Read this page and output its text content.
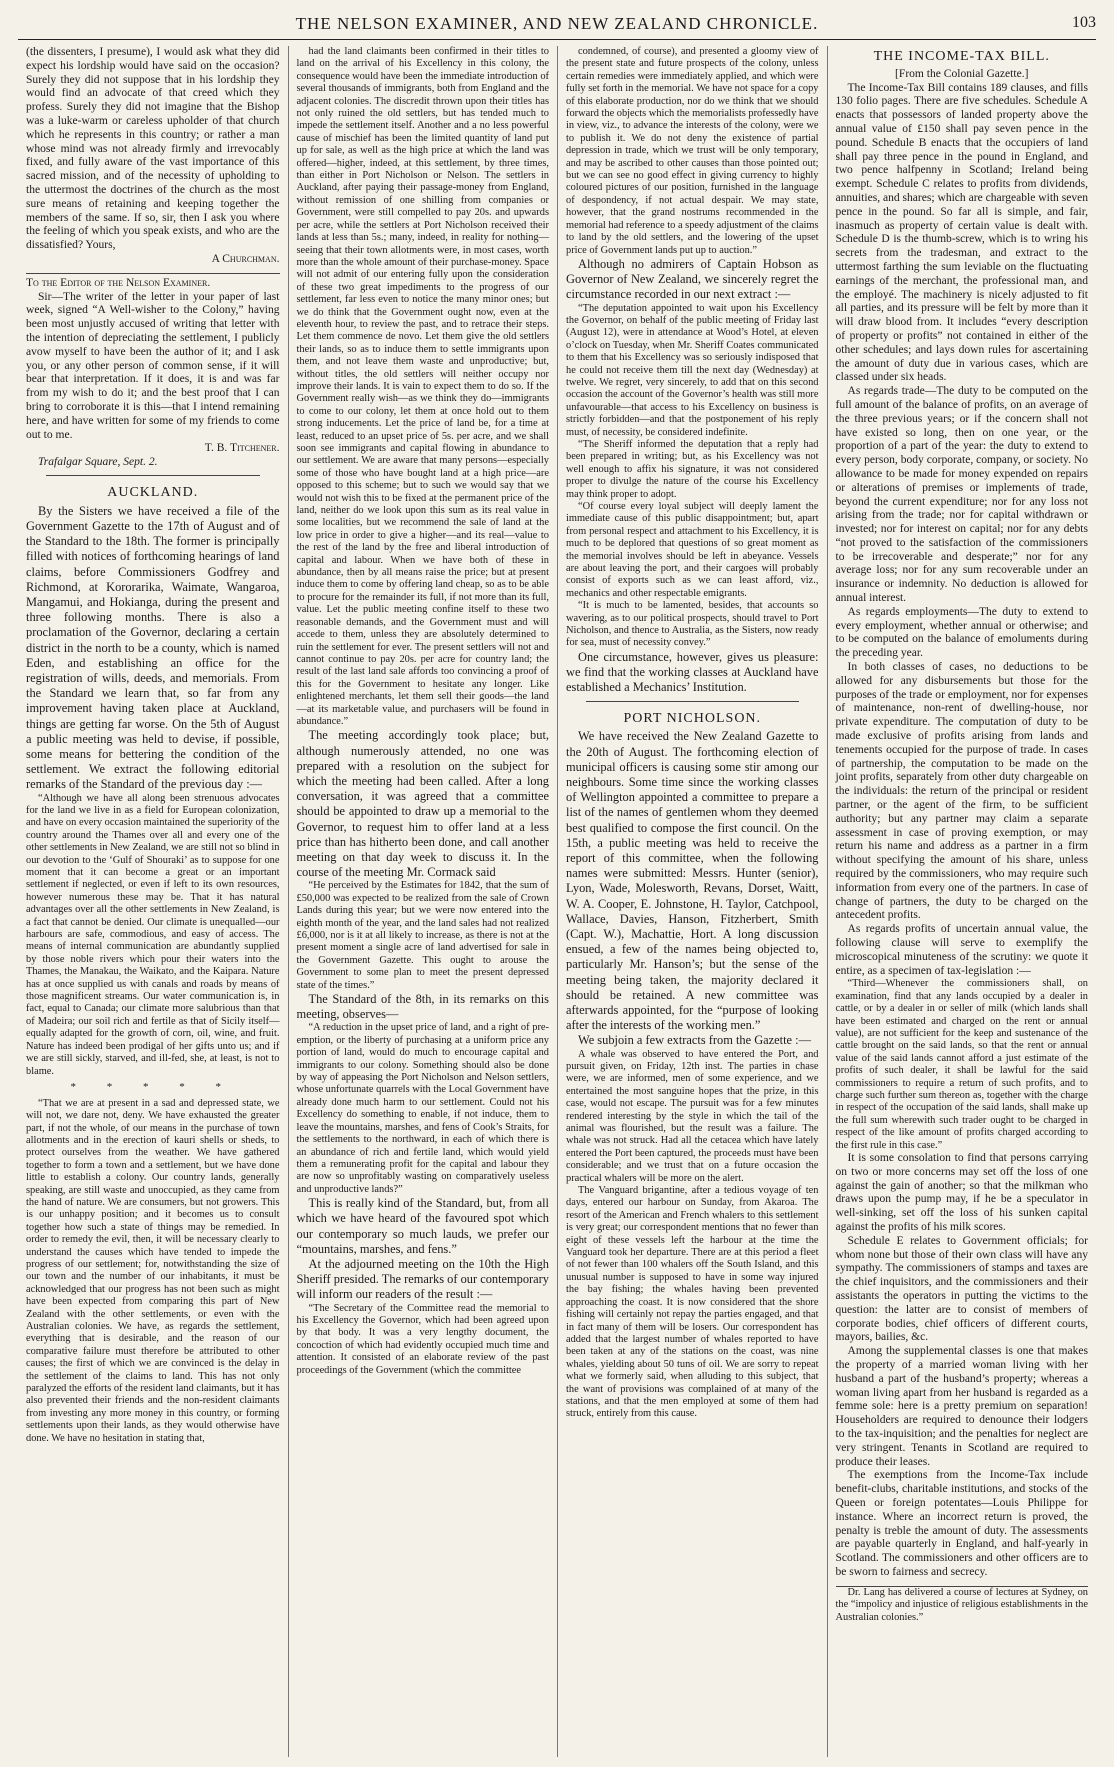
THE NELSON EXAMINER, AND NEW ZEALAND CHRONICLE.	103

(the dissenters, I presume), I would ask what they did expect his lordship would have said on the occasion? Surely they did not suppose that in his lordship they would find an advocate of that creed which they profess. Surely they did not imagine that the Bishop was a luke-warm or careless upholder of that church which he represents in this country; or rather a man whose mind was not already firmly and irrevocably fixed, and fully aware of the vast importance of this sacred mission, and of the necessity of upholding to the uttermost the doctrines of the church as the most sure means of retaining and keeping together the members of the same. If so, sir, then I ask you where the feeling of which you speak exists, and who are the dissatisfied? Yours,

A Churchman.

To the Editor of the Nelson Examiner.

Sir—The writer of the letter in your paper of last week, signed “A Well-wisher to the Colony,” having been most unjustly accused of writing that letter with the intention of depreciating the settlement, I publicly avow myself to have been the author of it; and I ask you, or any other person of common sense, if it will bear that interpretation. If it does, it is and was far from my wish to do it; and the best proof that I can bring to corroborate it is this—that I intend remaining here, and have written for some of my friends to come out to me.

T. B. Titchener.

Trafalgar Square, Sept. 2.

AUCKLAND.

By the Sisters we have received a file of the Government Gazette to the 17th of August and of the Standard to the 18th. The former is principally filled with notices of forthcoming hearings of land claims, before Commissioners Godfrey and Richmond, at Kororarika, Waimate, Wangaroa, Mangamui, and Hokianga, during the present and three following months. There is also a proclamation of the Governor, declaring a certain district in the north to be a county, which is named Eden, and establishing an office for the registration of wills, deeds, and memorials. From the Standard we learn that, so far from any improvement having taken place at Auckland, things are getting far worse. On the 5th of August a public meeting was held to devise, if possible, some means for bettering the condition of the settlement. We extract the following editorial remarks of the Standard of the previous day :—

“Although we have all along been strenuous advocates for the land we live in as a field for European colonization, and have on every occasion maintained the superiority of the country around the Thames over all and every one of the other settlements in New Zealand, we are still not so blind in our devotion to the ‘Gulf of Shouraki’ as to suppose for one moment that it can become a great or an important settlement if neglected, or even if left to its own resources, however numerous these may be. That it has natural advantages over all the other settlements in New Zealand, is a fact that cannot be denied. Our climate is unequalled—our harbours are safe, commodious, and easy of access. The means of internal communication are abundantly supplied by those noble rivers which pour their waters into the Thames, the Manakau, the Waikato, and the Kaipara. Nature has at once supplied us with canals and roads by means of those magnificent streams. Our water communication is, in fact, equal to Canada; our climate more salubrious than that of Madeira; our soil rich and fertile as that of Sicily itself—equally adapted for the growth of corn, oil, wine, and fruit. Nature has indeed been prodigal of her gifts unto us; and if we are still sickly, starved, and ill-fed, she, at least, is not to blame.

* * * * *

“That we are at present in a sad and depressed state, we will not, we dare not, deny. We have exhausted the greater part, if not the whole, of our means in the purchase of town allotments and in the erection of kauri shells or sheds, to protect ourselves from the weather. We have gathered together to form a town and a settlement, but we have done little to establish a colony. Our country lands, generally speaking, are still waste and unoccupied, as they came from the hand of nature. We are consumers, but not growers. This is our unhappy position; and it becomes us to consult together how such a state of things may be remedied. In order to remedy the evil, then, it will be necessary clearly to understand the causes which have tended to impede the progress of our settlement; for, notwithstanding the size of our town and the number of our inhabitants, it must be acknowledged that our progress has not been such as might have been expected from comparing this part of New Zealand with the other settlements, or even with the Australian colonies. We have, as regards the settlement, everything that is desirable, and the reason of our comparative failure must therefore be attributed to other causes; the first of which we are convinced is the delay in the settlement of the claims to land. This has not only paralyzed the efforts of the resident land claimants, but it has also prevented their friends and the non-resident claimants from investing any more money in this country, or forming settlements upon their lands, as they would otherwise have done. We have no hesitation in stating that,

had the land claimants been confirmed in their titles to land on the arrival of his Excellency in this colony, the consequence would have been the immediate introduction of several thousands of immigrants, both from England and the adjacent colonies. The discredit thrown upon their titles has not only ruined the old settlers, but has tended much to impede the settlement itself. Another and a no less powerful cause of mischief has been the limited quantity of land put up for sale, as well as the high price at which the land was offered—higher, indeed, at this settlement, by three times, than either in Port Nicholson or Nelson. The settlers in Auckland, after paying their passage-money from England, without remission of one shilling from companies or Government, were still compelled to pay 20s. and upwards per acre, while the settlers at Port Nicholson received their lands at less than 5s.; many, indeed, in reality for nothing—seeing that their town allotments were, in most cases, worth more than the whole amount of their purchase-money. Space will not admit of our entering fully upon the consideration of these two great impediments to the progress of our settlement, far less even to notice the many minor ones; but we do think that the Government ought now, even at the eleventh hour, to review the past, and to retrace their steps. Let them commence de novo. Let them give the old settlers their lands, so as to induce them to settle immigrants upon them, and not leave them waste and unproductive; but, without titles, the old settlers will neither occupy nor improve their lands. It is vain to expect them to do so. If the Government really wish—as we think they do—immigrants to come to our colony, let them at once hold out to them strong inducements. Let the price of land be, for a time at least, reduced to an upset price of 5s. per acre, and we shall soon see immigrants and capital flowing in abundance to our settlement. We are aware that many persons—especially some of those who have bought land at a high price—are opposed to this scheme; but to such we would say that we would not wish this to be fixed at the permanent price of the land, neither do we look upon this sum as its real value in some localities, but we recommend the sale of land at the low price in order to give a higher—and its real—value to the rest of the land by the free and liberal introduction of capital and labour. When we have both of these in abundance, then by all means raise the price; but at present induce them to come by offering land cheap, so as to be able to procure for the remainder its full, if not more than its full, value. Let the public meeting confine itself to these two reasonable demands, and the Government must and will accede to them, unless they are absolutely determined to ruin the settlement for ever. The present settlers will not and cannot continue to pay 20s. per acre for country land; the result of the last land sale affords too convincing a proof of this for the Government to hesitate any longer. Like enlightened merchants, let them sell their goods—the land—at its marketable value, and purchasers will be found in abundance.”

The meeting accordingly took place; but, although numerously attended, no one was prepared with a resolution on the subject for which the meeting had been called. After a long conversation, it was agreed that a committee should be appointed to draw up a memorial to the Governor, to request him to offer land at a less price than has hitherto been done, and call another meeting on that day week to discuss it. In the course of the meeting Mr. Cormack said

“He perceived by the Estimates for 1842, that the sum of £50,000 was expected to be realized from the sale of Crown Lands during this year; but we were now entered into the eighth month of the year, and the land sales had not realized £6,000, nor is it at all likely to increase, as there is not at the present moment a single acre of land advertised for sale in the Government Gazette. This ought to arouse the Government to some plan to meet the present depressed state of the times.”

The Standard of the 8th, in its remarks on this meeting, observes—

“A reduction in the upset price of land, and a right of pre-emption, or the liberty of purchasing at a uniform price any portion of land, would do much to encourage capital and immigrants to our colony. Something should also be done by way of appeasing the Port Nicholson and Nelson settlers, whose unfortunate quarrels with the Local Government have already done much harm to our settlement. Could not his Excellency do something to enable, if not induce, them to leave the mountains, marshes, and fens of Cook’s Straits, for the settlements to the northward, in each of which there is an abundance of rich and fertile land, which would yield them a remunerating profit for the capital and labour they are now so unprofitably wasting on comparatively useless and unproductive lands?”

This is really kind of the Standard, but, from all which we have heard of the favoured spot which our contemporary so much lauds, we prefer our “mountains, marshes, and fens.”

At the adjourned meeting on the 10th the High Sheriff presided. The remarks of our contemporary will inform our readers of the result :—

“The Secretary of the Committee read the memorial to his Excellency the Governor, which had been agreed upon by that body. It was a very lengthy document, the concoction of which had evidently occupied much time and attention. It consisted of an elaborate review of the past proceedings of the Government (which the committee

condemned, of course), and presented a gloomy view of the present state and future prospects of the colony, unless certain remedies were immediately applied, and which were fully set forth in the memorial. We have not space for a copy of this elaborate production, nor do we think that we should forward the objects which the memorialists professedly have in view, viz., to advance the interests of the colony, were we to publish it. We do not deny the existence of partial depression in trade, which we trust will be only temporary, and may be ascribed to other causes than those pointed out; but we can see no good effect in giving currency to highly coloured pictures of our position, furnished in the language of despondency, if not actual despair. We may state, however, that the grand nostrums recommended in the memorial had reference to a speedy adjustment of the claims to land by the old settlers, and the lowering of the upset price of Government lands put up to auction.”

Although no admirers of Captain Hobson as Governor of New Zealand, we sincerely regret the circumstance recorded in our next extract :—

“The deputation appointed to wait upon his Excellency the Governor, on behalf of the public meeting of Friday last (August 12), were in attendance at Wood’s Hotel, at eleven o’clock on Tuesday, when Mr. Sheriff Coates communicated to them that his Excellency was so seriously indisposed that he could not receive them till the next day (Wednesday) at twelve. We regret, very sincerely, to add that on this second occasion the account of the Governor’s health was still more unfavourable—that access to his Excellency on business is strictly forbidden—and that the postponement of his reply must, of necessity, be considered indefinite.

“The Sheriff informed the deputation that a reply had been prepared in writing; but, as his Excellency was not well enough to affix his signature, it was not considered proper to divulge the nature of the course his Excellency may think proper to adopt.

“Of course every loyal subject will deeply lament the immediate cause of this public disappointment; but, apart from personal respect and attachment to his Excellency, it is much to be deplored that questions of so great moment as the memorial involves should be left in abeyance. Vessels are about leaving the port, and their cargoes will probably consist of exports such as we can least afford, viz., mechanics and other respectable emigrants.

“It is much to be lamented, besides, that accounts so wavering, as to our political prospects, should travel to Port Nicholson, and thence to Australia, as the Sisters, now ready for sea, must of necessity convey.”

One circumstance, however, gives us pleasure: we find that the working classes at Auckland have established a Mechanics’ Institution.

PORT NICHOLSON.

We have received the New Zealand Gazette to the 20th of August. The forthcoming election of municipal officers is causing some stir among our neighbours. Some time since the working classes of Wellington appointed a committee to prepare a list of the names of gentlemen whom they deemed best qualified to compose the first council. On the 15th, a public meeting was held to receive the report of this committee, when the following names were submitted: Messrs. Hunter (senior), Lyon, Wade, Molesworth, Revans, Dorset, Waitt, W. A. Cooper, E. Johnstone, H. Taylor, Catchpool, Wallace, Davies, Hanson, Fitzherbert, Smith (Capt. W.), Machattie, Hort. A long discussion ensued, a few of the names being objected to, particularly Mr. Hanson’s; but the sense of the meeting being taken, the majority declared it should be retained. A new committee was afterwards appointed, for the “purpose of looking after the interests of the working men.”

We subjoin a few extracts from the Gazette :—

A whale was observed to have entered the Port, and pursuit given, on Friday, 12th inst. The parties in chase were, we are informed, men of some experience, and we entertained the most sanguine hopes that the prize, in this case, would not escape. The pursuit was for a few minutes rendered interesting by the style in which the tail of the animal was flourished, but the result was a failure. The whale was not struck. Had all the cetacea which have lately entered the Port been captured, the proceeds must have been considerable; and we trust that on a future occasion the practical whalers will be more on the alert.

The Vanguard brigantine, after a tedious voyage of ten days, entered our harbour on Sunday, from Akaroa. The resort of the American and French whalers to this settlement is very great; our correspondent mentions that no fewer than eight of these vessels left the harbour at the time the Vanguard took her departure. There are at this period a fleet of not fewer than 100 whalers off the South Island, and this unusual number is supposed to have in some way injured the bay fishing; the whales having been prevented approaching the coast. It is now considered that the shore fishing will certainly not repay the parties engaged, and that in fact many of them will be losers. Our correspondent has added that the largest number of whales reported to have been taken at any of the stations on the coast, was nine whales, yielding about 50 tuns of oil. We are sorry to repeat what we formerly said, when alluding to this subject, that the want of provisions was complained of at many of the stations, and that the men employed at some of them had struck, entirely from this cause.

THE INCOME-TAX BILL.

[From the Colonial Gazette.]

The Income-Tax Bill contains 189 clauses, and fills 130 folio pages. There are five schedules. Schedule A enacts that possessors of landed property above the annual value of £150 shall pay seven pence in the pound. Schedule B enacts that the occupiers of land shall pay three pence in the pound in England, and two pence halfpenny in Scotland; Ireland being exempt. Schedule C relates to profits from dividends, annuities, and shares; which are chargeable with seven pence in the pound. So far all is simple, and fair, inasmuch as property of certain value is dealt with. Schedule D is the thumb-screw, which is to wring his secrets from the tradesman, and extract to the uttermost farthing the sum leviable on the fluctuating earnings of the merchant, the professional man, and the employé. The machinery is nicely adjusted to fit all parties, and its pressure will be felt by more than it will draw blood from. It includes “every description of property or profits” not contained in either of the other schedules; and lays down rules for ascertaining the amount of duty due in various cases, which are classed under six heads.

As regards trade—The duty to be computed on the full amount of the balance of profits, on an average of the three previous years; or if the concern shall not have existed so long, then on one year, or the proportion of a part of the year: the duty to extend to every person, body corporate, company, or society. No allowance to be made for money expended on repairs or alterations of premises or implements of trade, beyond the current expenditure; nor for any loss not arising from the trade; nor for capital withdrawn or invested; nor for interest on capital; nor for any debts “not proved to the satisfaction of the commissioners to be irrecoverable and desperate;” nor for any average loss; nor for any sum recoverable under an insurance or indemnity. No deduction is allowed for annual interest.

As regards employments—The duty to extend to every employment, whether annual or otherwise; and to be computed on the balance of emoluments during the preceding year.

In both classes of cases, no deductions to be allowed for any disbursements but those for the purposes of the trade or employment, nor for expenses of maintenance, non-rent of dwelling-house, nor private expenditure. The computation of duty to be made exclusive of profits arising from lands and tenements occupied for the purpose of trade. In cases of partnership, the computation to be made on the joint profits, separately from other duty chargeable on the individuals: the return of the principal or resident partner, or the agent of the firm, to be sufficient authority; but any partner may claim a separate assessment in case of proving exemption, or may return his name and address as a partner in a firm without specifying the amount of his share, unless required by the commissioners, who may require such information from every one of the partners. In case of change of partners, the duty to be charged on the antecedent profits.

As regards profits of uncertain annual value, the following clause will serve to exemplify the microscopical minuteness of the scrutiny: we quote it entire, as a specimen of tax-legislation :—

“Third—Whenever the commissioners shall, on examination, find that any lands occupied by a dealer in cattle, or by a dealer in or seller of milk (which lands shall have been estimated and charged on the rent or annual value), are not sufficient for the keep and sustenance of the cattle brought on the said lands, so that the rent or annual value of the said lands cannot afford a just estimate of the profits of such dealer, it shall be lawful for the said commissioners to require a return of such profits, and to charge such further sum thereon as, together with the charge in respect of the occupation of the said lands, shall make up the full sum wherewith such trader ought to be charged in respect of the like amount of profits charged according to the first rule in this case.”

It is some consolation to find that persons carrying on two or more concerns may set off the loss of one against the gain of another; so that the milkman who draws upon the pump may, if he be a speculator in well-sinking, set off the loss of his sunken capital against the profits of his milk scores.

Schedule E relates to Government officials; for whom none but those of their own class will have any sympathy. The commissioners of stamps and taxes are the chief inquisitors, and the commissioners and their assistants the operators in putting the victims to the question: the latter are to consist of members of corporate bodies, chief officers of different courts, mayors, bailies, &c.

Among the supplemental classes is one that makes the property of a married woman living with her husband a part of the husband’s property; whereas a woman living apart from her husband is regarded as a femme sole: here is a pretty premium on separation! Householders are required to denounce their lodgers to the tax-inquisition; and the penalties for neglect are very stringent. Tenants in Scotland are required to produce their leases.

The exemptions from the Income-Tax include benefit-clubs, charitable institutions, and stocks of the Queen or foreign potentates—Louis Philippe for instance. Where an incorrect return is proved, the penalty is treble the amount of duty. The assessments are payable quarterly in England, and half-yearly in Scotland. The commissioners and other officers are to be sworn to fairness and secrecy.

Dr. Lang has delivered a course of lectures at Sydney, on the “impolicy and injustice of religious establishments in the Australian colonies.”
